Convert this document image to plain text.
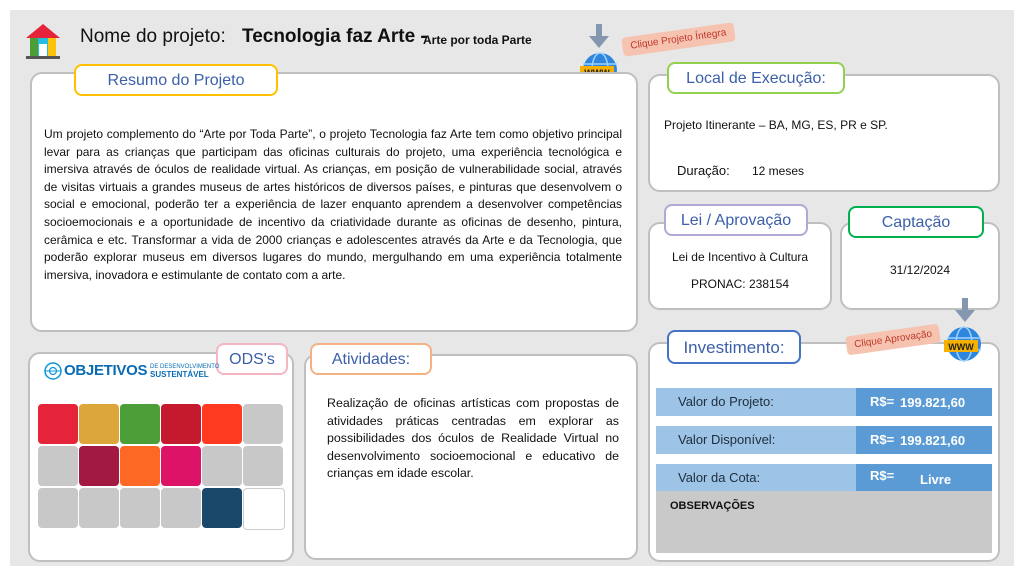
Nome do projeto: Tecnologia faz Arte -
Arte por toda Parte	Clique Projeto Íntegra
Resumo do Projeto
Um projeto complemento do “Arte por Toda Parte”, o projeto Tecnologia faz Arte tem como objetivo principal levar para as crianças que participam das oficinas culturais do projeto, uma experiência tecnológica e imersiva através de óculos de realidade virtual. As crianças, em posição de vulnerabilidade social, através de visitas virtuais a grandes museus de artes históricos de diversos países, e pinturas que desenvolvem o social e emocional, poderão ter a experiência de lazer enquanto aprendem a desenvolver competências socioemocionais e a oportunidade de incentivo da criatividade durante as oficinas de desenho, pintura, cerâmica e etc. Transformar a vida de 2000 crianças e adolescentes através da Arte e da Tecnologia, que poderão explorar museus em diversos lugares do mundo, mergulhando em uma experiência totalmente imersiva, inovadora e estimulante de contato com a arte.
Local de Execução:
Projeto Itinerante – BA, MG, ES, PR e SP.
Duração: 12 meses
Lei / Aprovação
Lei de Incentivo à Cultura
PRONAC: 238154
Captação
31/12/2024
ODS's
OBJETIVOS DE DESENVOLVIMENTO
SUSTENTÁVEL
Atividades:
Realização de oficinas artísticas com propostas de atividades práticas centradas em explorar as possibilidades dos óculos de Realidade Virtual no desenvolvimento socioemocional e educativo de crianças em idade escolar.
Investimento:	WWW
Clique Aprovação
Valor do Projeto:	R$= 199.821,60
Valor Disponível:	R$= 199.821,60
Valor da Cota:	R$= Livre
OBSERVAÇÕES
